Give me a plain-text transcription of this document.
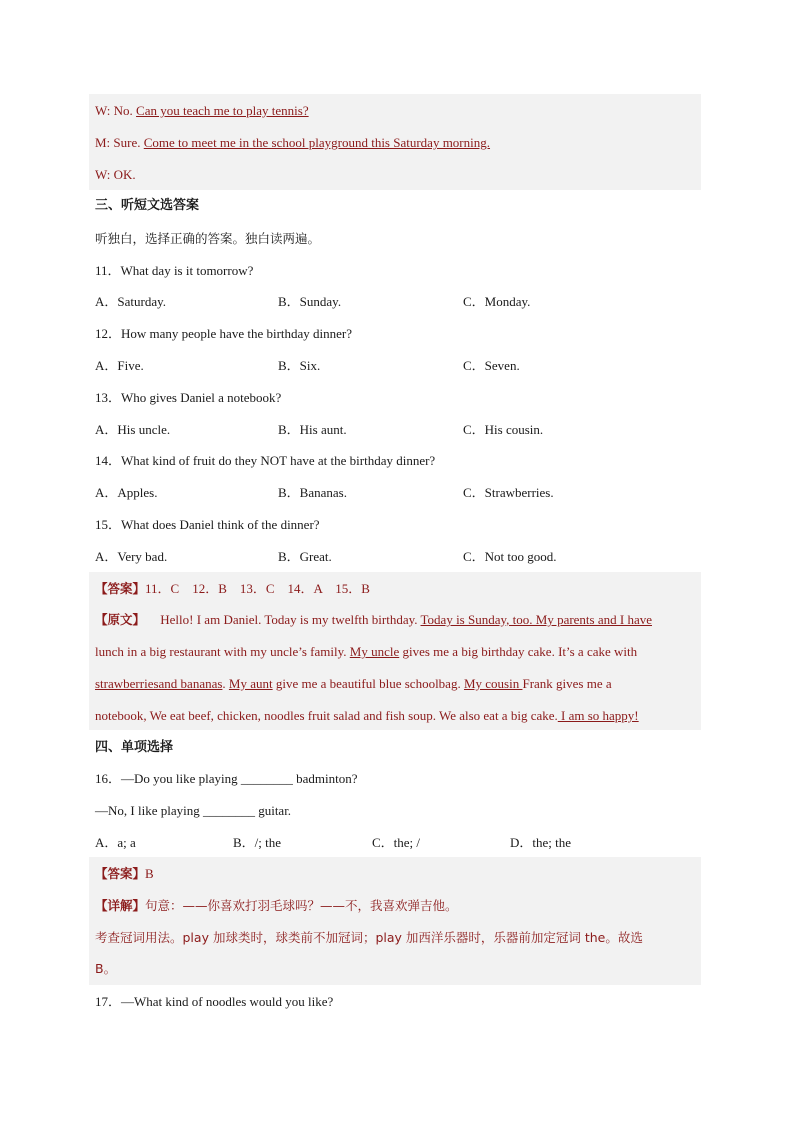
W: No. Can you teach me to play tennis?
M: Sure. Come to meet me in the school playground this Saturday morning.
W: OK.
三、听短文选答案
听独白，选择正确的答案。独白读两遍。
11．What day is it tomorrow?
A．Saturday.	B．Sunday.	C．Monday.
12．How many people have the birthday dinner?
A．Five.	B．Six.	C．Seven.
13．Who gives Daniel a notebook?
A．His uncle.	B．His aunt.	C．His cousin.
14．What kind of fruit do they NOT have at the birthday dinner?
A．Apples.	B．Bananas.	C．Strawberries.
15．What does Daniel think of the dinner?
A．Very bad.	B．Great.	C．Not too good.
【答案】11．C　12．B　13．C　14．A　15．B
【原文】 Hello! I am Daniel. Today is my twelfth birthday. Today is Sunday, too. My parents and I have
lunch in a big restaurant with my uncle’s family. My uncle gives me a big birthday cake. It’s a cake with
strawberriesand bananas. My aunt give me a beautiful blue schoolbag. My cousin Frank gives me a
notebook, We eat beef, chicken, noodles fruit salad and fish soup. We also eat a big cake. I am so happy!
四、单项选择
16．—Do you like playing ________ badminton?
—No, I like playing ________ guitar.
A．a; a	B．/; the	C．the; /	D．the; the
【答案】B
【详解】句意：——你喜欢打羽毛球吗？——不，我喜欢弹吉他。
考查冠词用法。play 加球类时，球类前不加冠词；play 加西洋乐器时，乐器前加定冠词 the。故选
B。
17．—What kind of noodles would you like?
